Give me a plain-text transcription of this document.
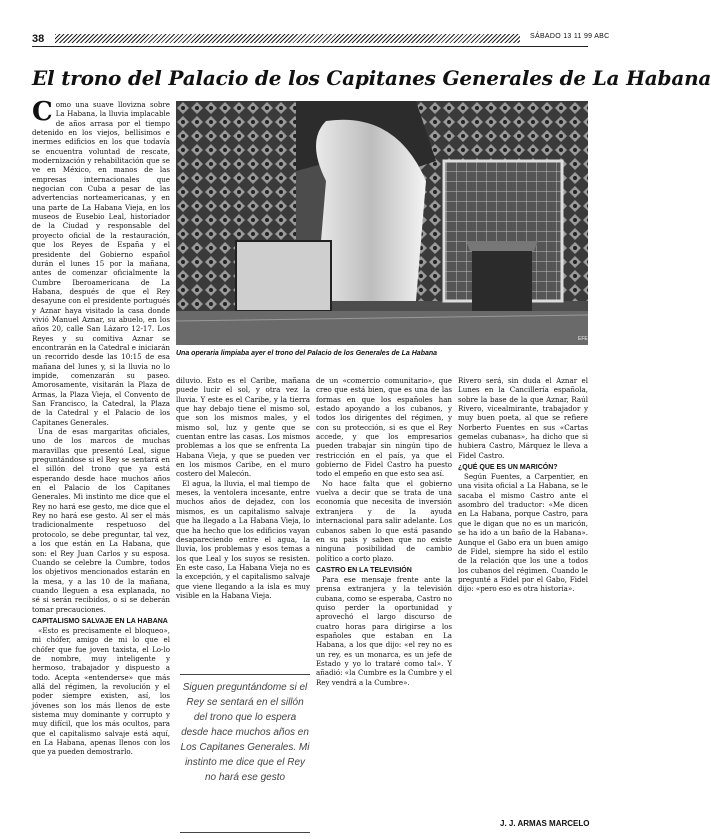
38	SÁBADO 13 11 99 ABC
El trono del Palacio de los Capitanes Generales de La Habana
EFE
Una operaria limpiaba ayer el trono del Palacio de los Generales de La Habana
C omo una suave llovizna sobre La Habana, la lluvia implacable de años arrasa por el tiempo detenido en los viejos, bellísimos e inermes edificios en los que todavía se encuentra voluntad de rescate, modernización y rehabilitación que se ve en México, en manos de las empresas internacionales que negocian con Cuba a pesar de las advertencias norteamericanas, y en una parte de La Habana Vieja, en los museos de Eusebio Leal, historiador de la Ciudad y responsable del proyecto oficial de la restauración, que los Reyes de España y el presidente del Gobierno español durán el lunes 15 por la mañana, antes de comenzar oficialmente la Cumbre Iberoamericana de La Habana, después de que el Rey desayune con el presidente portugués y Aznar haya visitado la casa donde vivió Manuel Aznar, su abuelo, en los años 20, calle San Lázaro 12-17. Los Reyes y su comitiva Aznar se encontrarán en la Catedral e iniciarán un recorrido desde las 10:15 de esa mañana del lunes y, si la lluvia no lo impide, comenzarán su paseo. Amorosamente, visitarán la Plaza de Armas, la Plaza Vieja, el Convento de San Francisco, la Catedral, la Plaza de la Catedral y el Palacio de los Capitanes Generales.

Una de esas margaritas oficiales, uno de los marcos de muchas maravillas que presentó Leal, sigue preguntándose si el Rey se sentará en el sillón del trono que ya está esperando desde hace muchos años en el Palacio de los Capitanes Generales. Mi instinto me dice que el Rey no hará ese gesto, me dice que el Rey no hará ese gesto. Al ser el más tradicionalmente respetuoso del protocolo, se debe preguntar, tal vez, a los que están en La Habana, que son: el Rey Juan Carlos y su esposa. Cuando se celebre la Cumbre, todos los objetivos mencionados estarán en la mesa, y a las 10 de la mañana, cuando lleguen a esa explanada, no sé si serán recibidos, o si se deberán tomar precauciones.

CAPITALISMO SALVAJE EN LA HABANA

«Esto es precisamente el bloqueo», mi chófer, amigo de mi lo que el chófer que fue joven taxista, el Lo-lo de nombre, muy inteligente y hermoso, trabajador y dispuesto a todo. Acepta «entenderse» que más allá del régimen, la revolución y el poder siempre existen, así, los jóvenes son los más llenos de este sistema muy dominante y corrupto y muy difícil, que los más ocultos, para que el capitalismo salvaje está aquí, en La Habana, apenas llenos con los que ya pueden demostrarlo.

diluvio. Esto es el Caribe, mañana puede lucir el sol, y otra vez la lluvia. Y este es el Caribe, y la tierra que hay debajo tiene el mismo sol, que son los mismos males, y el mismo sol, luz y gente que se cuentan entre las casas. Los mismos problemas a los que se enfrenta La Habana Vieja, y que se pueden ver en los mismos Caribe, en el muro costero del Malecón.

El agua, la lluvia, el mal tiempo de meses, la ventolera incesante, entre muchos años de dejadez, con los mismos, es un capitalismo salvaje que ha llegado a La Habana Vieja, lo que ha hecho que los edificios vayan desapareciendo entre el agua, la lluvia, los problemas y esos temas a los que Leal y los suyos se resisten. En este caso, La Habana Vieja no es la excepción, y el capitalismo salvaje que viene llegando a la isla es muy visible en la Habana Vieja.

Siguen preguntándome si el Rey se sentará en el sillón del trono que lo espera desde hace muchos años en Los Capitanes Generales. Mi instinto me dice que el Rey no hará ese gesto

de un «comercio comunitario», que creo que está bien, que es una de las formas en que los españoles han estado apoyando a los cubanos, y todos los dirigentes del régimen, y con su protección, si es que el Rey accede, y que los empresarios pueden trabajar sin ningún tipo de restricción en el país, ya que el gobierno de Fidel Castro ha puesto todo el empeño en que esto sea así.

No hace falta que el gobierno vuelva a decir que se trata de una economía que necesita de inversión extranjera y de la ayuda internacional para salir adelante. Los cubanos saben lo que está pasando en su país y saben que no existe ninguna posibilidad de cambio político a corto plazo.

CASTRO EN LA TELEVISIÓN

Para ese mensaje frente ante la prensa extranjera y la televisión cubana, como se esperaba, Castro no quiso perder la oportunidad y aprovechó el largo discurso de cuatro horas para dirigirse a los españoles que estaban en La Habana, a los que dijo: «el rey no es un rey, es un monarca, es un jefe de Estado y yo lo trataré como tal». Y añadió: «la Cumbre es la Cumbre y el Rey vendrá a la Cumbre».

Rivero será, sin duda el Aznar el Lunes en la Cancillería española, sobre la base de la que Aznar, Raúl Rivero, vicealmirante, trabajador y muy buen poeta, al que se refiere Norberto Fuentes en sus «Cartas gemelas cubanas», ha dicho que si hubiera Castro, Márquez le lleva a Fidel Castro.

¿QUÉ QUE ES UN MARICÓN?

Según Fuentes, a Carpentier, en una visita oficial a La Habana, se le sacaba el mismo Castro ante el asombro del traductor: «Me dicen en La Habana, porque Castro, para que le digan que no es un maricón, se ha ido a un baño de la Habana». Aunque el Gabo era un buen amigo de Fidel, siempre ha sido el estilo de la relación que los une a todos los cubanos del régimen. Cuando le pregunté a Fidel por el Gabo, Fidel dijo: «pero eso es otra historia».

J. J. ARMAS MARCELO
